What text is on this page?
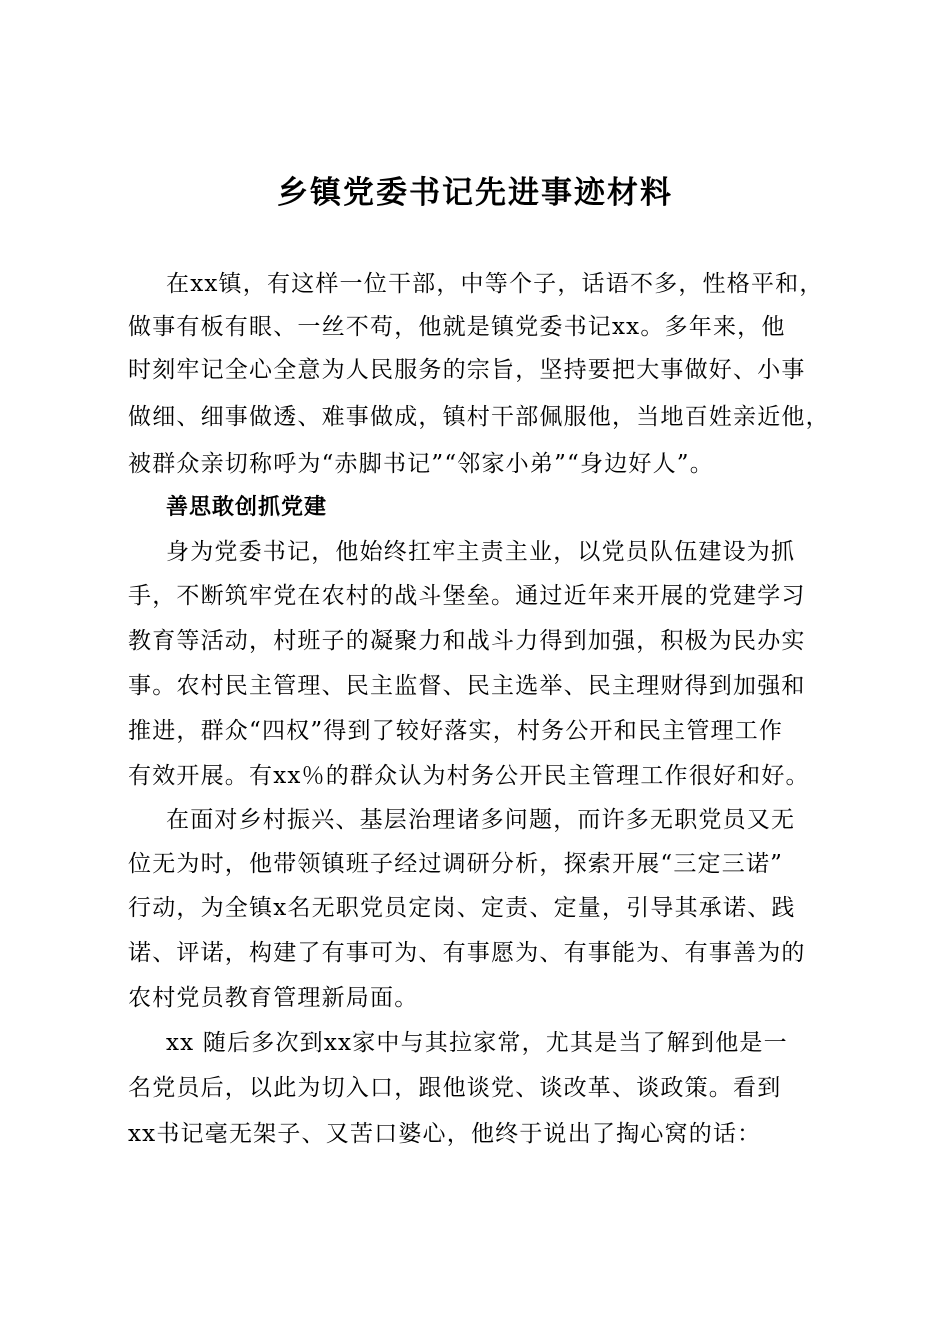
乡镇党委书记先进事迹材料
在xx镇，有这样一位干部，中等个子，话语不多，性格平和，
做事有板有眼、一丝不苟，他就是镇党委书记xx。多年来，他
时刻牢记全心全意为人民服务的宗旨，坚持要把大事做好、小事
做细、细事做透、难事做成，镇村干部佩服他，当地百姓亲近他，
被群众亲切称呼为“赤脚书记”“邻家小弟”“身边好人”。
善思敢创抓党建
身为党委书记，他始终扛牢主责主业，以党员队伍建设为抓
手，不断筑牢党在农村的战斗堡垒。通过近年来开展的党建学习
教育等活动，村班子的凝聚力和战斗力得到加强，积极为民办实
事。农村民主管理、民主监督、民主选举、民主理财得到加强和
推进，群众“四权”得到了较好落实，村务公开和民主管理工作
有效开展。有xx％的群众认为村务公开民主管理工作很好和好。
在面对乡村振兴、基层治理诸多问题，而许多无职党员又无
位无为时，他带领镇班子经过调研分析，探索开展“三定三诺”
行动，为全镇x名无职党员定岗、定责、定量，引导其承诺、践
诺、评诺，构建了有事可为、有事愿为、有事能为、有事善为的
农村党员教育管理新局面。
xx 随后多次到xx家中与其拉家常，尤其是当了解到他是一
名党员后，以此为切入口，跟他谈党、谈改革、谈政策。看到
xx书记毫无架子、又苦口婆心，他终于说出了掏心窝的话：
